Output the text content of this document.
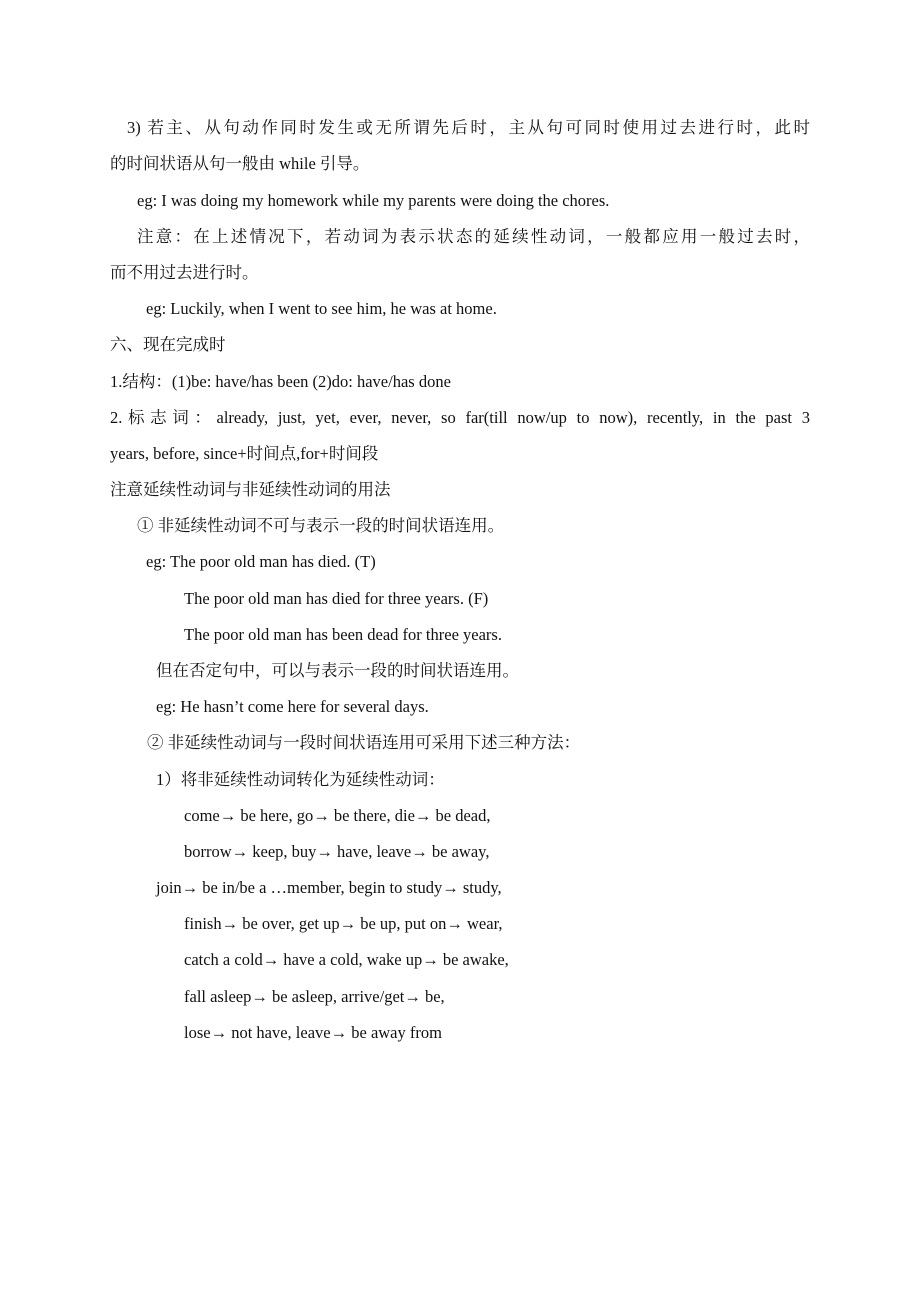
3) 若主、从句动作同时发生或无所谓先后时，主从句可同时使用过去进行时，此时
的时间状语从句一般由 while 引导。
eg: I was doing my homework while my parents were doing the chores.
注意：在上述情况下，若动词为表示状态的延续性动词，一般都应用一般过去时，
而不用过去进行时。
eg: Luckily, when I went to see him, he was at home.
六、现在完成时
1.结构：(1)be: have/has been (2)do: have/has done
2.标志词：already, just, yet, ever, never, so far(till now/up to now), recently, in the past 3
years, before, since+时间点,for+时间段
注意延续性动词与非延续性动词的用法
① 非延续性动词不可与表示一段的时间状语连用。
eg: The poor old man has died. (T)
The poor old man has died for three years. (F)
The poor old man has been dead for three years.
但在否定句中，可以与表示一段的时间状语连用。
eg: He hasn’t come here for several days.
② 非延续性动词与一段时间状语连用可采用下述三种方法：
1）将非延续性动词转化为延续性动词：
come→ be here, go→ be there, die→ be dead,
borrow→ keep, buy→ have, leave→ be away,
join→ be in/be a …member, begin to study→ study,
finish→ be over, get up→ be up, put on→ wear,
catch a cold→ have a cold, wake up→ be awake,
fall asleep→ be asleep, arrive/get→ be,
lose→ not have, leave→ be away from
